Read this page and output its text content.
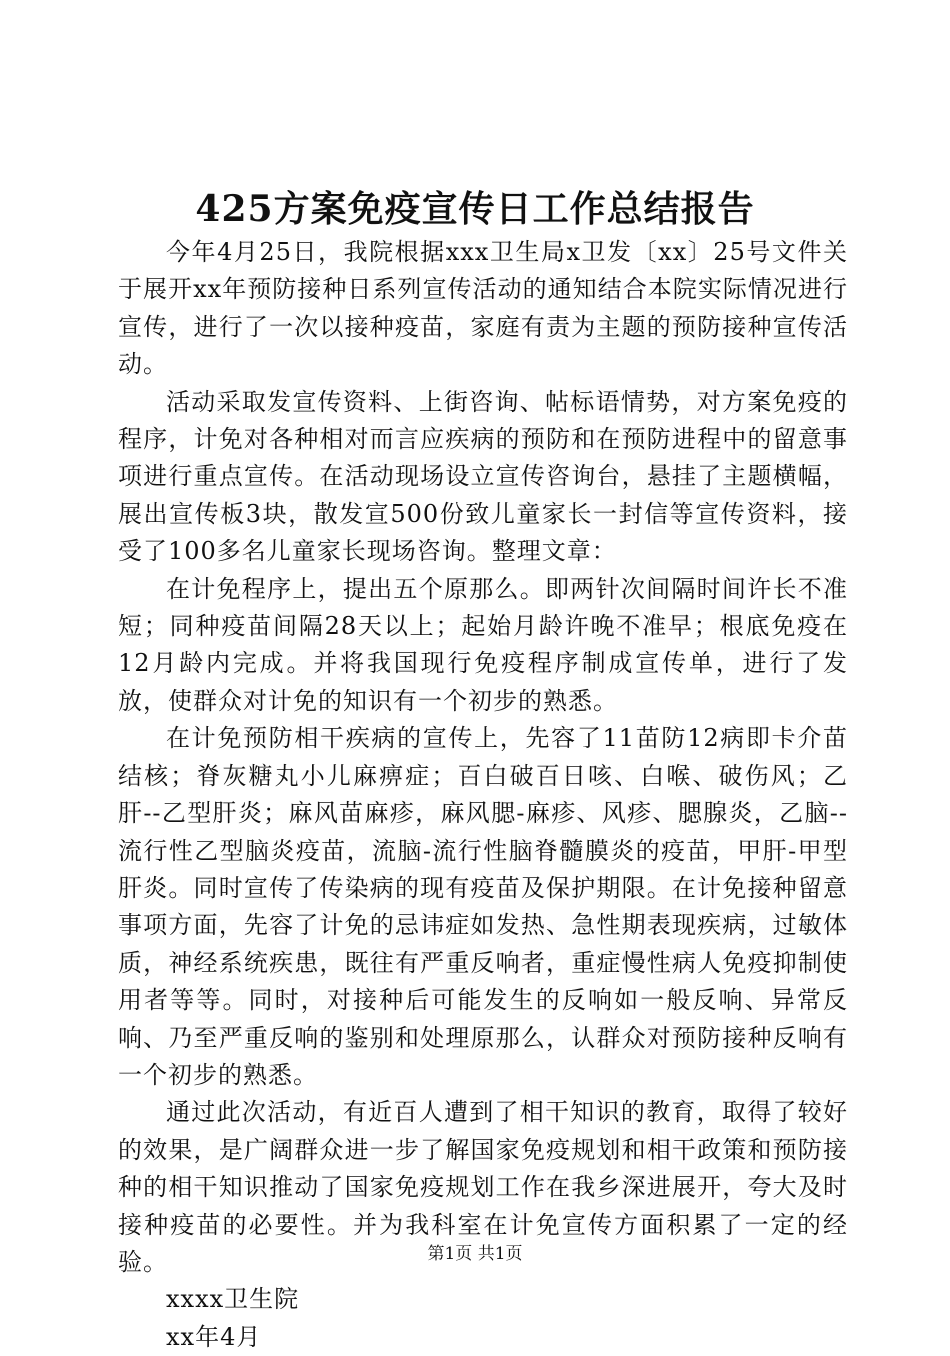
425方案免疫宣传日工作总结报告

今年4月25日，我院根据xxx卫生局x卫发〔xx〕25号文件关于展开xx年预防接种日系列宣传活动的通知结合本院实际情况进行宣传，进行了一次以接种疫苗，家庭有责为主题的预防接种宣传活动。

活动采取发宣传资料、上街咨询、帖标语情势，对方案免疫的程序，计免对各种相对而言应疾病的预防和在预防进程中的留意事项进行重点宣传。在活动现场设立宣传咨询台，悬挂了主题横幅，展出宣传板3块，散发宣500份致儿童家长一封信等宣传资料，接受了100多名儿童家长现场咨询。整理文章：

在计免程序上，提出五个原那么。即两针次间隔时间许长不准短；同种疫苗间隔28天以上；起始月龄许晚不准早；根底免疫在12月龄内完成。并将我国现行免疫程序制成宣传单，进行了发放，使群众对计免的知识有一个初步的熟悉。

在计免预防相干疾病的宣传上，先容了11苗防12病即卡介苗结核；脊灰糖丸小儿麻痹症；百白破百日咳、白喉、破伤风；乙肝--乙型肝炎；麻风苗麻疹，麻风腮-麻疹、风疹、腮腺炎，乙脑--流行性乙型脑炎疫苗，流脑-流行性脑脊髓膜炎的疫苗，甲肝-甲型肝炎。同时宣传了传染病的现有疫苗及保护期限。在计免接种留意事项方面，先容了计免的忌讳症如发热、急性期表现疾病，过敏体质，神经系统疾患，既往有严重反响者，重症慢性病人免疫抑制使用者等等。同时，对接种后可能发生的反响如一般反响、异常反响、乃至严重反响的鉴别和处理原那么，认群众对预防接种反响有一个初步的熟悉。

通过此次活动，有近百人遭到了相干知识的教育，取得了较好的效果，是广阔群众进一步了解国家免疫规划和相干政策和预防接种的相干知识推动了国家免疫规划工作在我乡深进展开，夸大及时接种疫苗的必要性。并为我科室在计免宣传方面积累了一定的经验。

xxxx卫生院

xx年4月

第1页 共1页
